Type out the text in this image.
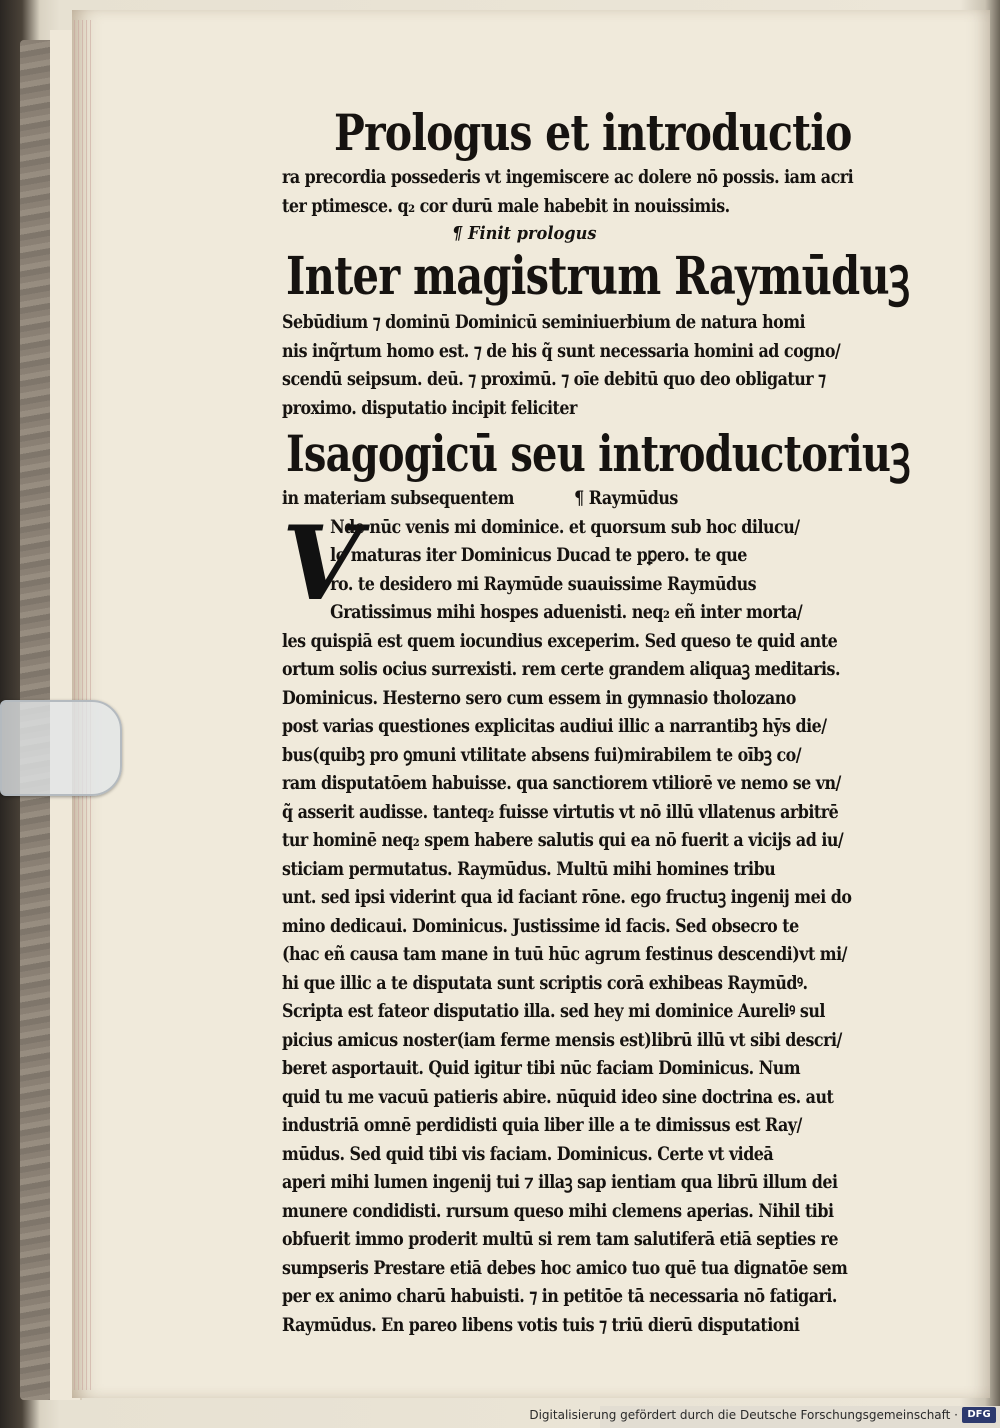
Prologus et introductio
ra precordia possederis vt ingemiscere ac dolere nō possis. iam acri
ter ptimesce. q₂ cor durū male habebit in nouissimis.
¶ Finit prologus
Inter magistrum Raymūduꝫ
Sebūdium ⁊ dominū Dominicū seminiuerbium de natura homi
nis inq̃rtum homo est. ⁊ de his q̃ sunt necessaria homini ad cogno/
scendū seipsum. deū. ⁊ proximū. ⁊ oīe debitū quo deo obligatur ⁊
proximo. disputatio incipit feliciter
Isagogicū seu introductoriuꝫ
in materiam subsequentem            ¶ Raymūdus
V
Nde nūc venis mi dominice. et quorsum sub hoc dilucu/
lo maturas iter Dominicus Ducad te pꝑero. te que
ro. te desidero mi Raymūde suauissime Raymūdus
Gratissimus mihi hospes aduenisti. neq₂ eñ inter morta/
les quispiā est quem iocundius exceperim. Sed queso te quid ante
ortum solis ocius surrexisti. rem certe grandem aliquaꝫ meditaris.
Dominicus. Hesterno sero cum essem in gymnasio tholozano
post varias questiones explicitas audiui illic a narrantibꝫ hȳs die/
bus(quibꝫ pro ꝯmuni vtilitate absens fui)mirabilem te oībꝫ co/
ram disputatōem habuisse. qua sanctiorem vtiliorē ve nemo se vn/
q̃ asserit audisse. tanteq₂ fuisse virtutis vt nō illū vllatenus arbitrē
tur hominē neq₂ spem habere salutis qui ea nō fuerit a vicijs ad iu/
sticiam permutatus. Raymūdus. Multū mihi homines tribu
unt. sed ipsi viderint qua id faciant rōne. ego fructuꝫ ingenij mei do
mino dedicaui. Dominicus. Justissime id facis. Sed obsecro te
(hac eñ causa tam mane in tuū hūc agrum festinus descendi)vt mi/
hi que illic a te disputata sunt scriptis corā exhibeas Raymūdꝰ.
Scripta est fateor disputatio illa. sed hey mi dominice Aureliꝰ sul
picius amicus noster(iam ferme mensis est)librū illū vt sibi descri/
beret asportauit. Quid igitur tibi nūc faciam Dominicus. Num
quid tu me vacuū patieris abire. nūquid ideo sine doctrina es. aut
industriā omnē perdidisti quia liber ille a te dimissus est Ray/
mūdus. Sed quid tibi vis faciam. Dominicus. Certe vt videā
aperi mihi lumen ingenij tui ⁊ illaꝫ sap ientiam qua librū illum dei
munere condidisti. rursum queso mihi clemens aperias. Nihil tibi
obfuerit immo proderit multū si rem tam salutiferā etiā septies re
sumpseris Prestare etiā debes hoc amico tuo quē tua dignatōe sem
per ex animo charū habuisti. ⁊ in petitōe tā necessaria nō fatigari.
Raymūdus. En pareo libens votis tuis ⁊ triū dierū disputationi
Digitalisierung gefördert durch die Deutsche Forschungsgemeinschaft · DFG
